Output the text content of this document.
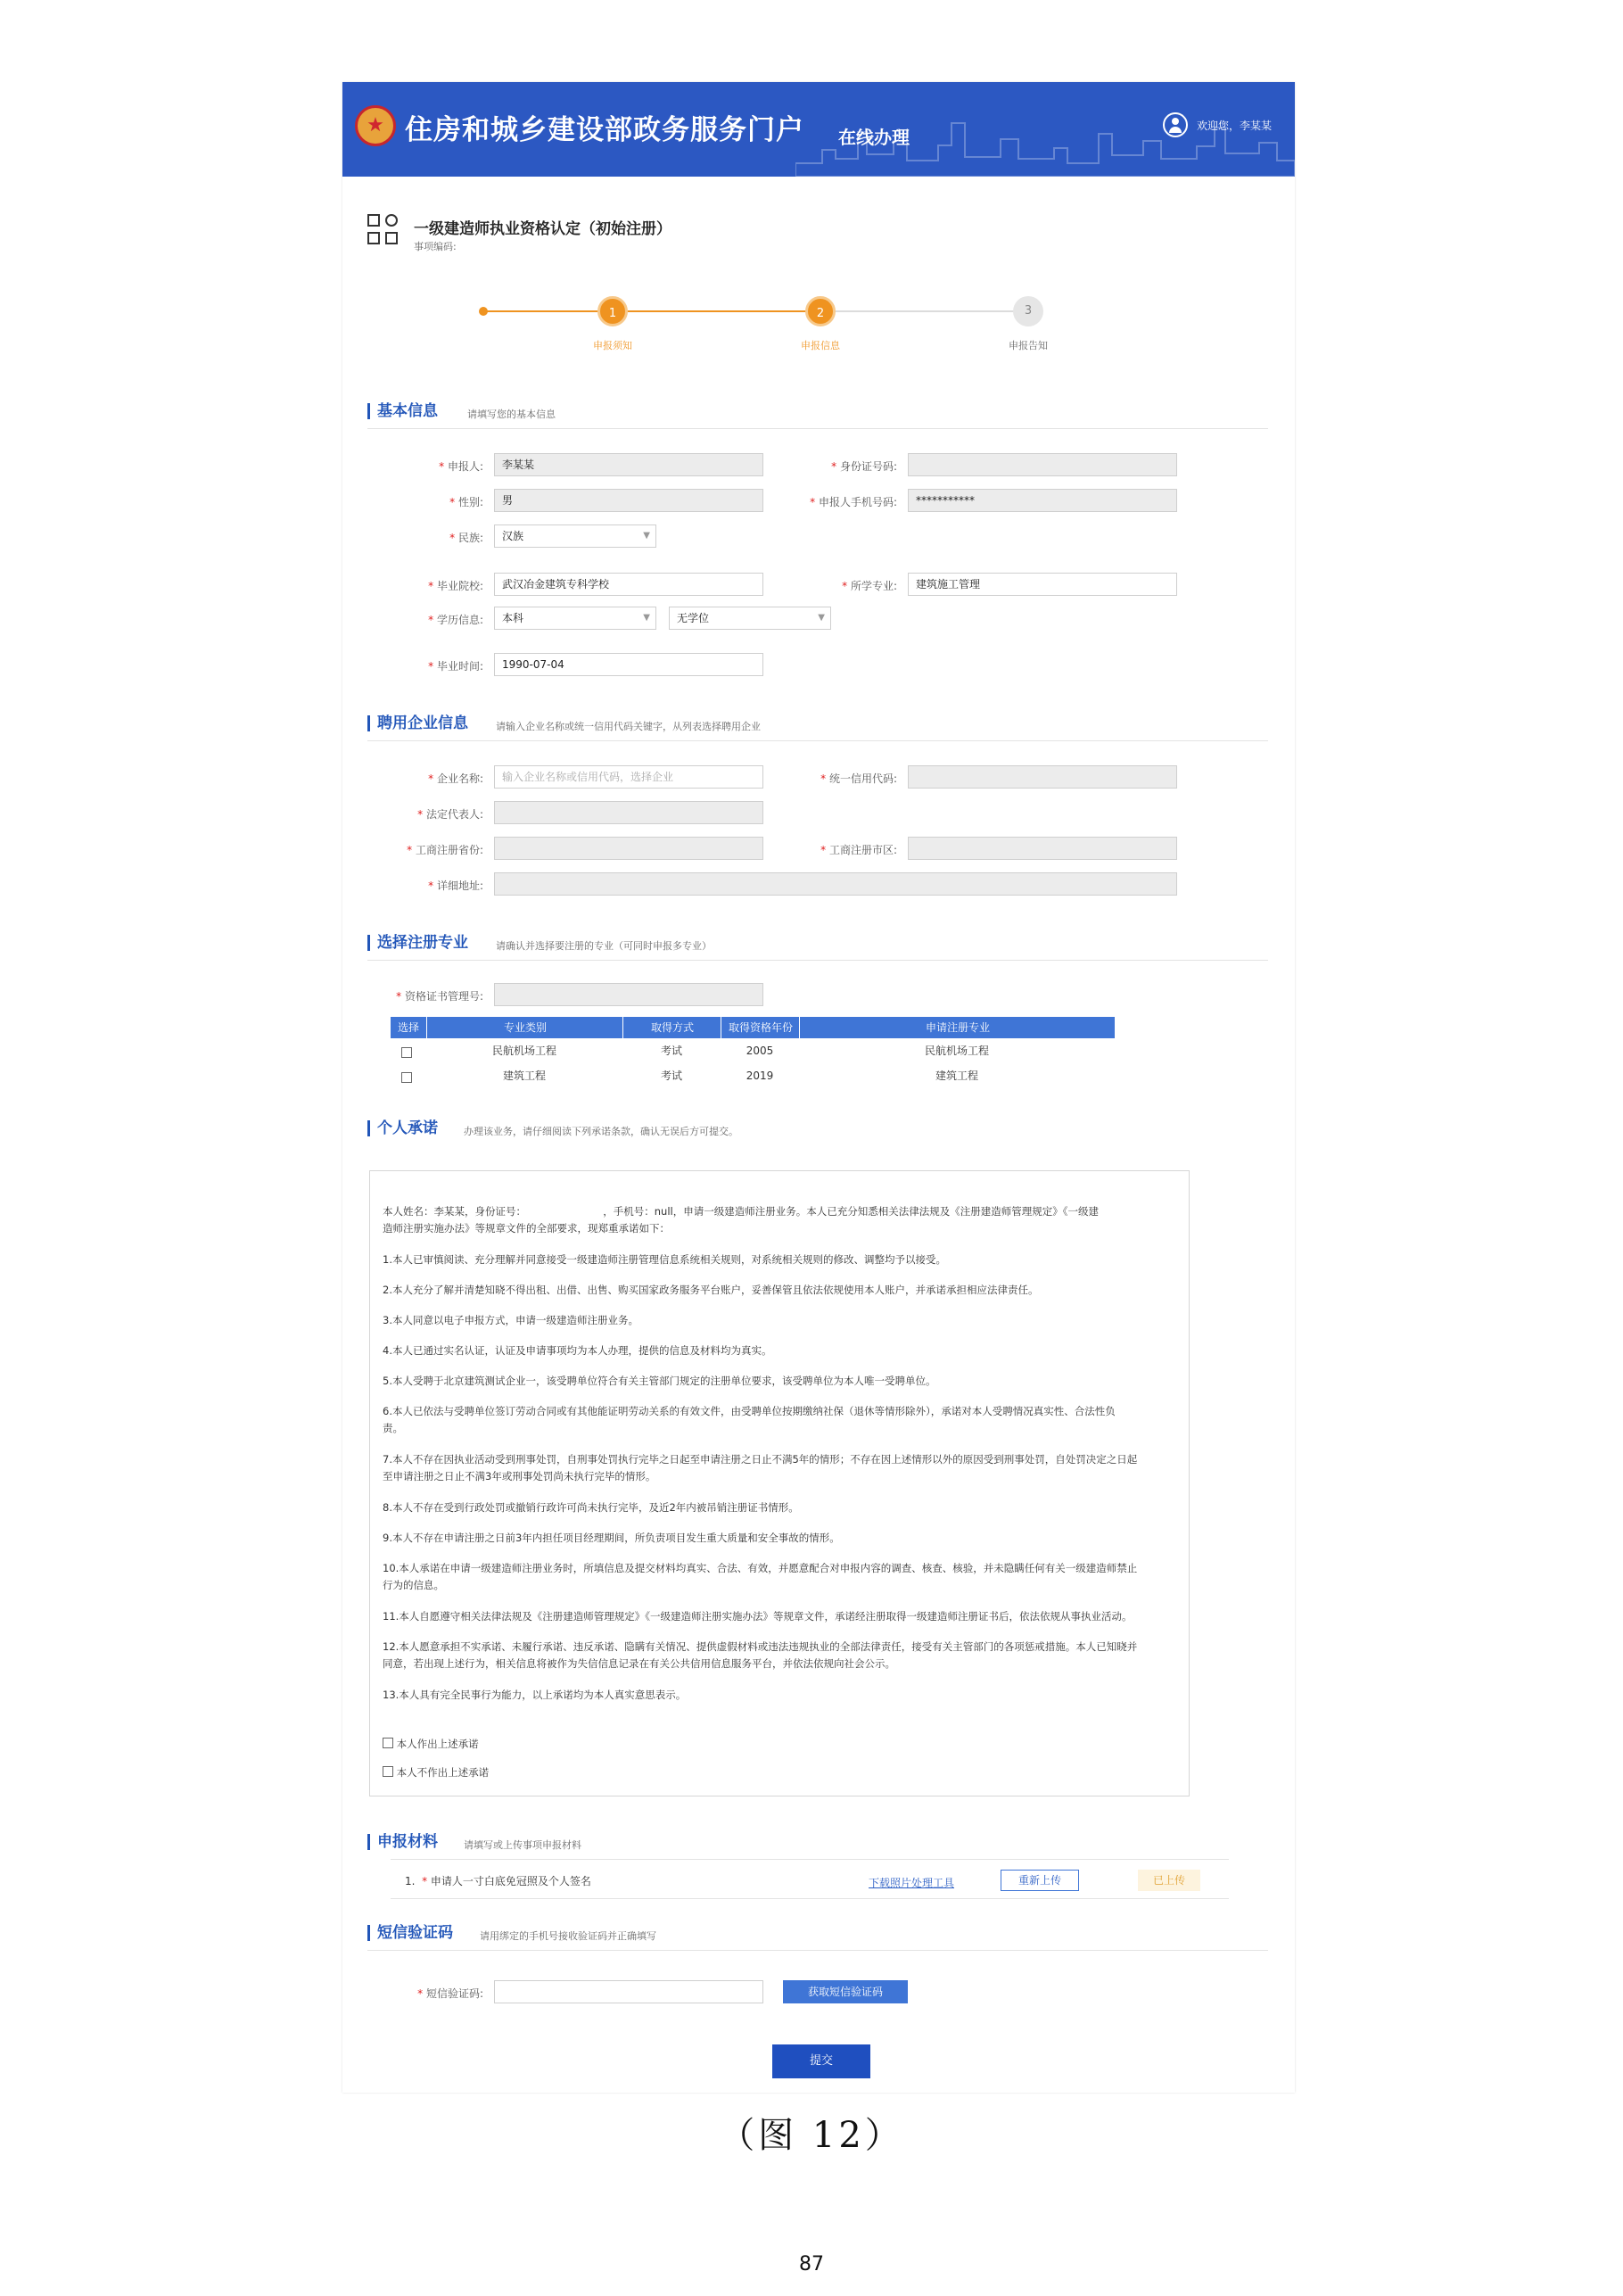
★
住房和城乡建设部政务服务门户 在线办理
欢迎您，李某某
一级建造师执业资格认定（初始注册）
事项编码:
1	2	3
申报须知	申报信息	申报告知
基本信息	请填写您的基本信息
* 申报人:	李某某	* 身份证号码:
* 性别:	男	* 申报人手机号码:	***********
* 民族:	汉族	▼
* 毕业院校:	武汉冶金建筑专科学校	* 所学专业:	建筑施工管理
* 学历信息:	本科	▼	无学位	▼
* 毕业时间:	1990-07-04
聘用企业信息	请输入企业名称或统一信用代码关键字，从列表选择聘用企业
* 企业名称:	输入企业名称或信用代码，选择企业	* 统一信用代码:
* 法定代表人:
* 工商注册省份:	* 工商注册市区:
* 详细地址:
选择注册专业	请确认并选择要注册的专业（可同时申报多专业）
* 资格证书管理号:
选择	专业类别	取得方式	取得资格年份	申请注册专业
民航机场工程	考试	2005	民航机场工程
建筑工程	考试	2019	建筑工程
个人承诺	办理该业务，请仔细阅读下列承诺条款，确认无误后方可提交。
本人姓名：李某某，身份证号：　　　　　　　　，手机号：null，申请一级建造师注册业务。本人已充分知悉相关法律法规及《注册建造师管理规定》《一级建
造师注册实施办法》等规章文件的全部要求，现郑重承诺如下：
1.本人已审慎阅读、充分理解并同意接受一级建造师注册管理信息系统相关规则，对系统相关规则的修改、调整均予以接受。
2.本人充分了解并清楚知晓不得出租、出借、出售、购买国家政务服务平台账户，妥善保管且依法依规使用本人账户，并承诺承担相应法律责任。
3.本人同意以电子申报方式，申请一级建造师注册业务。
4.本人已通过实名认证，认证及申请事项均为本人办理，提供的信息及材料均为真实。
5.本人受聘于北京建筑测试企业一，该受聘单位符合有关主管部门规定的注册单位要求，该受聘单位为本人唯一受聘单位。
6.本人已依法与受聘单位签订劳动合同或有其他能证明劳动关系的有效文件，由受聘单位按期缴纳社保（退休等情形除外），承诺对本人受聘情况真实性、合法性负
责。
7.本人不存在因执业活动受到刑事处罚，自刑事处罚执行完毕之日起至申请注册之日止不满5年的情形；不存在因上述情形以外的原因受到刑事处罚，自处罚决定之日起
至申请注册之日止不满3年或刑事处罚尚未执行完毕的情形。
8.本人不存在受到行政处罚或撤销行政许可尚未执行完毕，及近2年内被吊销注册证书情形。
9.本人不存在申请注册之日前3年内担任项目经理期间，所负责项目发生重大质量和安全事故的情形。
10.本人承诺在申请一级建造师注册业务时，所填信息及提交材料均真实、合法、有效，并愿意配合对申报内容的调查、核查、核验，并未隐瞒任何有关一级建造师禁止
行为的信息。
11.本人自愿遵守相关法律法规及《注册建造师管理规定》《一级建造师注册实施办法》等规章文件，承诺经注册取得一级建造师注册证书后，依法依规从事执业活动。
12.本人愿意承担不实承诺、未履行承诺、违反承诺、隐瞒有关情况、提供虚假材料或违法违规执业的全部法律责任，接受有关主管部门的各项惩戒措施。本人已知晓并
同意，若出现上述行为，相关信息将被作为失信信息记录在有关公共信用信息服务平台，并依法依规向社会公示。
13.本人具有完全民事行为能力，以上承诺均为本人真实意思表示。
本人作出上述承诺
本人不作出上述承诺
申报材料	请填写或上传事项申报材料
1. * 申请人一寸白底免冠照及个人签名	下载照片处理工具	重新上传	已上传
短信验证码	请用绑定的手机号接收验证码并正确填写
* 短信验证码:	获取短信验证码
提交
（图 12）
87
